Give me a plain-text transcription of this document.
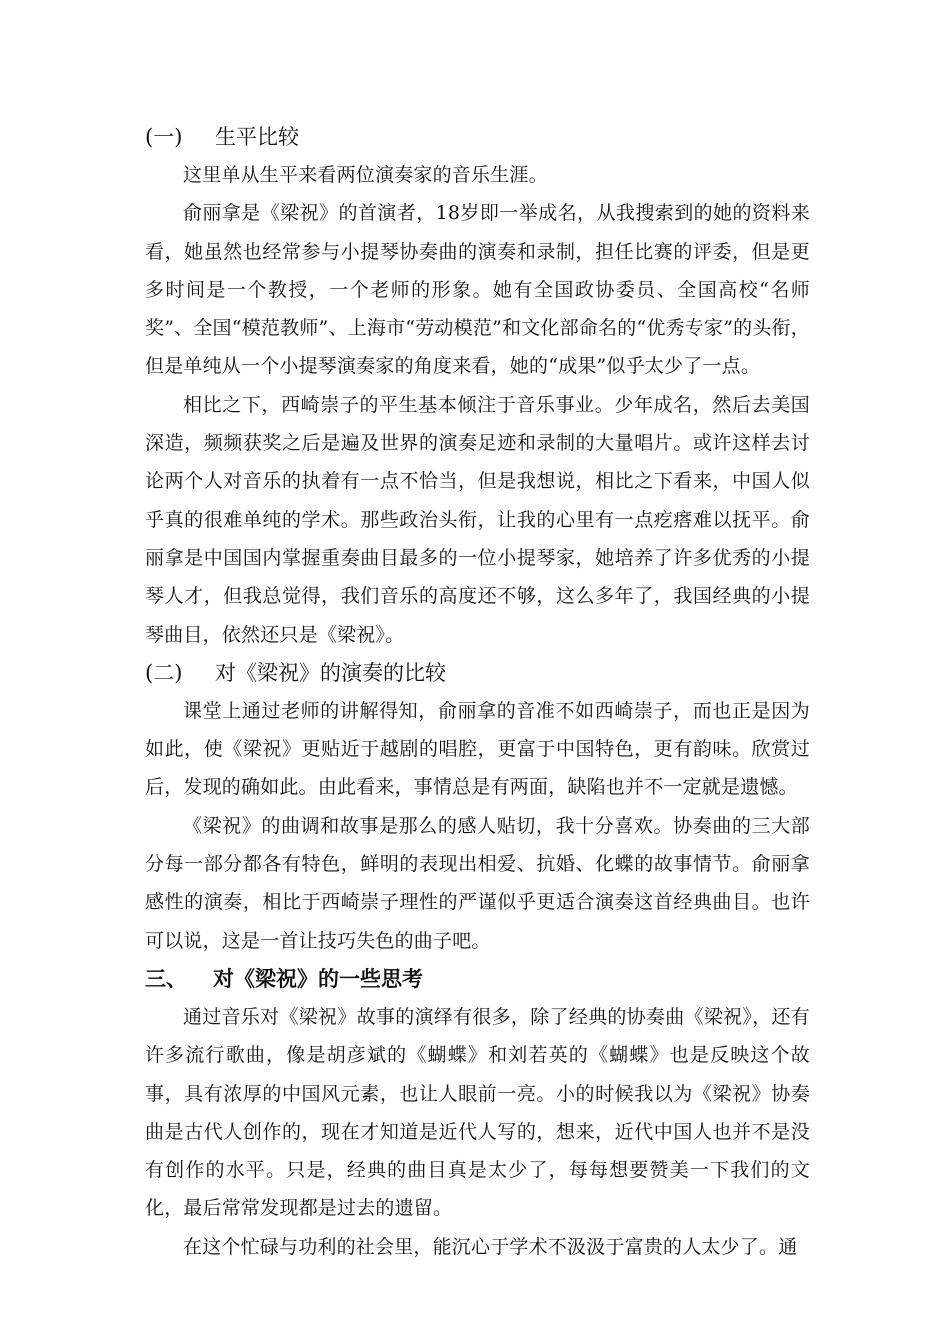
(一) 生平比较

这里单从生平来看两位演奏家的音乐生涯。

俞丽拿是《梁祝》的首演者，18岁即一举成名，从我搜索到的她的资料来看，她虽然也经常参与小提琴协奏曲的演奏和录制，担任比赛的评委，但是更多时间是一个教授，一个老师的形象。她有全国政协委员、全国高校“名师奖”、全国“模范教师”、上海市“劳动模范”和文化部命名的“优秀专家”的头衔，但是单纯从一个小提琴演奏家的角度来看，她的“成果”似乎太少了一点。

相比之下，西崎崇子的平生基本倾注于音乐事业。少年成名，然后去美国深造，频频获奖之后是遍及世界的演奏足迹和录制的大量唱片。或许这样去讨论两个人对音乐的执着有一点不恰当，但是我想说，相比之下看来，中国人似乎真的很难单纯的学术。那些政治头衔，让我的心里有一点疙瘩难以抚平。俞丽拿是中国国内掌握重奏曲目最多的一位小提琴家，她培养了许多优秀的小提琴人才，但我总觉得，我们音乐的高度还不够，这么多年了，我国经典的小提琴曲目，依然还只是《梁祝》。

(二) 对《梁祝》的演奏的比较

课堂上通过老师的讲解得知，俞丽拿的音准不如西崎崇子，而也正是因为如此，使《梁祝》更贴近于越剧的唱腔，更富于中国特色，更有韵味。欣赏过后，发现的确如此。由此看来，事情总是有两面，缺陷也并不一定就是遗憾。

《梁祝》的曲调和故事是那么的感人贴切，我十分喜欢。协奏曲的三大部分每一部分都各有特色，鲜明的表现出相爱、抗婚、化蝶的故事情节。俞丽拿感性的演奏，相比于西崎崇子理性的严谨似乎更适合演奏这首经典曲目。也许可以说，这是一首让技巧失色的曲子吧。

三、 对《梁祝》的一些思考

通过音乐对《梁祝》故事的演绎有很多，除了经典的协奏曲《梁祝》，还有许多流行歌曲，像是胡彦斌的《蝴蝶》和刘若英的《蝴蝶》也是反映这个故事，具有浓厚的中国风元素，也让人眼前一亮。小的时候我以为《梁祝》协奏曲是古代人创作的，现在才知道是近代人写的，想来，近代中国人也并不是没有创作的水平。只是，经典的曲目真是太少了，每每想要赞美一下我们的文化，最后常常发现都是过去的遗留。

在这个忙碌与功利的社会里，能沉心于学术不汲汲于富贵的人太少了。通
